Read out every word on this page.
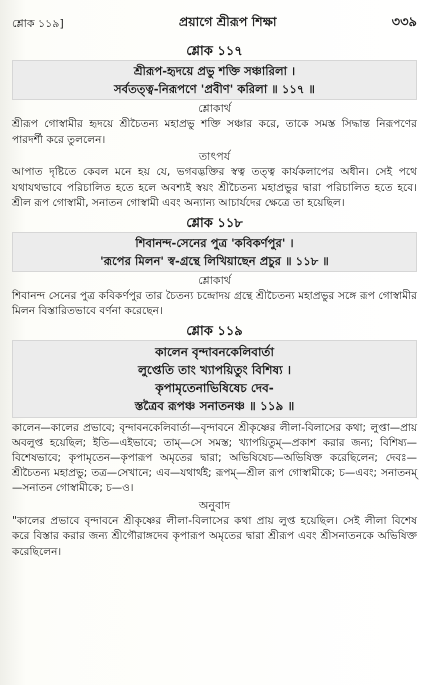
শ্লোক ১১৯]	প্রয়াগে শ্রীরূপ শিক্ষা	৩৩৯
শ্লোক ১১৭
শ্রীরূপ-হৃদয়ে প্রভু শক্তি সঞ্চারিলা ।
সর্বতত্ত্ব-নিরূপণে 'প্রবীণ' করিলা ॥ ১১৭ ॥
শ্লোকার্থ
শ্রীরূপ গোস্বামীর হৃদয়ে শ্রীচৈতন্য মহাপ্রভু শক্তি সঞ্চার করে, তাকে সমস্ত সিদ্ধান্ত নিরূপণের পারদর্শী করে তুললেন।
তাৎপর্য
আপাত দৃষ্টিতে কেবল মনে হয় যে, ভগবদ্ভক্তির স্বত্ব তত্ত্ব কার্যকলাপের অধীন। সেই পথে যথাযথভাবে পরিচালিত হতে হলে অবশ্যই স্বয়ং শ্রীচৈতন্য মহাপ্রভুর দ্বারা পরিচালিত হতে হবে। শ্রীল রূপ গোস্বামী, সনাতন গোস্বামী এবং অন্যান্য আচার্যদের ক্ষেত্রে তা হয়েছিল।
শ্লোক ১১৮
শিবানন্দ-সেনের পুত্র 'কবিকর্ণপুর' ।
'রূপের মিলন' স্ব-গ্রন্থে লিখিয়াছেন প্রচুর ॥ ১১৮ ॥
শ্লোকার্থ
শিবানন্দ সেনের পুত্র কবিকর্ণপুর তার চৈতন্য চন্দ্রোদয় গ্রন্থে শ্রীচৈতন্য মহাপ্রভুর সঙ্গে রূপ গোস্বামীর মিলন বিস্তারিতভাবে বর্ণনা করেছেন।
শ্লোক ১১৯
কালেন বৃন্দাবনকেলিবার্তা
লুপ্তেতি তাং খ্যাপয়িতুং বিশিষ্য ।
কৃপামৃতেনাভিষিষেচ দেব-
স্তত্রৈব রূপঞ্চ সনাতনঞ্চ ॥ ১১৯ ॥
কালেন—কালের প্রভাবে; বৃন্দাবনকেলিবার্তা—বৃন্দাবনে শ্রীকৃষ্ণের লীলা-বিলাসের কথা; লুপ্তা—প্রায় অবলুপ্ত হয়েছিল; ইতি—এইভাবে; তাম্—সে সমস্ত; খ্যাপয়িতুম্—প্রকাশ করার জন্য; বিশিষ্য—বিশেষভাবে; কৃপামৃতেন—কৃপারূপ অমৃতের দ্বারা; অভিষিষেচ—অভিষিক্ত করেছিলেন; দেবঃ—শ্রীচৈতন্য মহাপ্রভু; তত্র—সেখানে; এব—যথার্থই; রূপম্—শ্রীল রূপ গোস্বামীকে; চ—এবং; সনাতনম্—সনাতন গোস্বামীকে; চ—ও।
অনুবাদ
"কালের প্রভাবে বৃন্দাবনে শ্রীকৃষ্ণের লীলা-বিলাসের কথা প্রায় লুপ্ত হয়েছিল। সেই লীলা বিশেষ করে বিস্তার করার জন্য শ্রীগৌরাঙ্গদেব কৃপারূপ অমৃতের দ্বারা শ্রীরূপ এবং শ্রীসনাতনকে অভিষিক্ত করেছিলেন।
